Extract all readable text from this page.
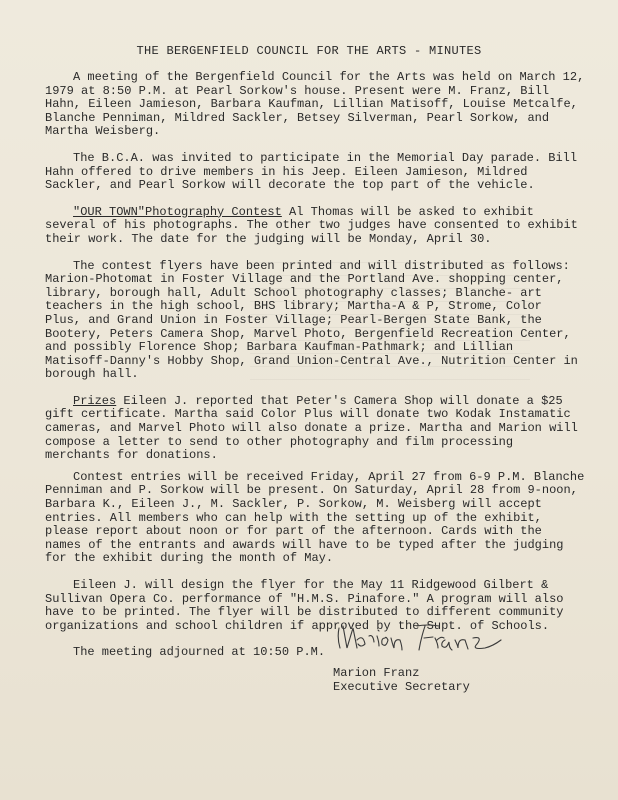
THE BERGENFIELD COUNCIL FOR THE ARTS - MINUTES

A meeting of the Bergenfield Council for the Arts was held on March 12, 1979 at 8:50 P.M. at Pearl Sorkow's house. Present were M. Franz, Bill Hahn, Eileen Jamieson, Barbara Kaufman, Lillian Matisoff, Louise Metcalfe, Blanche Penniman, Mildred Sackler, Betsey Silverman, Pearl Sorkow, and Martha Weisberg.

The B.C.A. was invited to participate in the Memorial Day parade. Bill Hahn offered to drive members in his Jeep. Eileen Jamieson, Mildred Sackler, and Pearl Sorkow will decorate the top part of the vehicle.

"OUR TOWN"Photography Contest Al Thomas will be asked to exhibit several of his photographs. The other two judges have consented to exhibit their work. The date for the judging will be Monday, April 30.

The contest flyers have been printed and will distributed as follows: Marion-Photomat in Foster Village and the Portland Ave. shopping center, library, borough hall, Adult School photography classes; Blanche- art teachers in the high school, BHS library; Martha-A & P, Strome, Color Plus, and Grand Union in Foster Village; Pearl-Bergen State Bank, the Bootery, Peters Camera Shop, Marvel Photo, Bergenfield Recreation Center, and possibly Florence Shop; Barbara Kaufman-Pathmark; and Lillian Matisoff-Danny's Hobby Shop, Grand Union-Central Ave., Nutrition Center in borough hall.

Prizes Eileen J. reported that Peter's Camera Shop will donate a $25 gift certificate. Martha said Color Plus will donate two Kodak Instamatic cameras, and Marvel Photo will also donate a prize. Martha and Marion will compose a letter to send to other photography and film processing merchants for donations.

Contest entries will be received Friday, April 27 from 6-9 P.M. Blanche Penniman and P. Sorkow will be present. On Saturday, April 28 from 9-noon, Barbara K., Eileen J., M. Sackler, P. Sorkow, M. Weisberg will accept entries. All members who can help with the setting up of the exhibit, please report about noon or for part of the afternoon. Cards with the names of the entrants and awards will have to be typed after the judging for the exhibit during the month of May.

Eileen J. will design the flyer for the May 11 Ridgewood Gilbert & Sullivan Opera Co. performance of "H.M.S. Pinafore." A program will also have to be printed. The flyer will be distributed to different community organizations and school children if approved by the Supt. of Schools.

The meeting adjourned at 10:50 P.M.

Marion Franz
Executive Secretary
